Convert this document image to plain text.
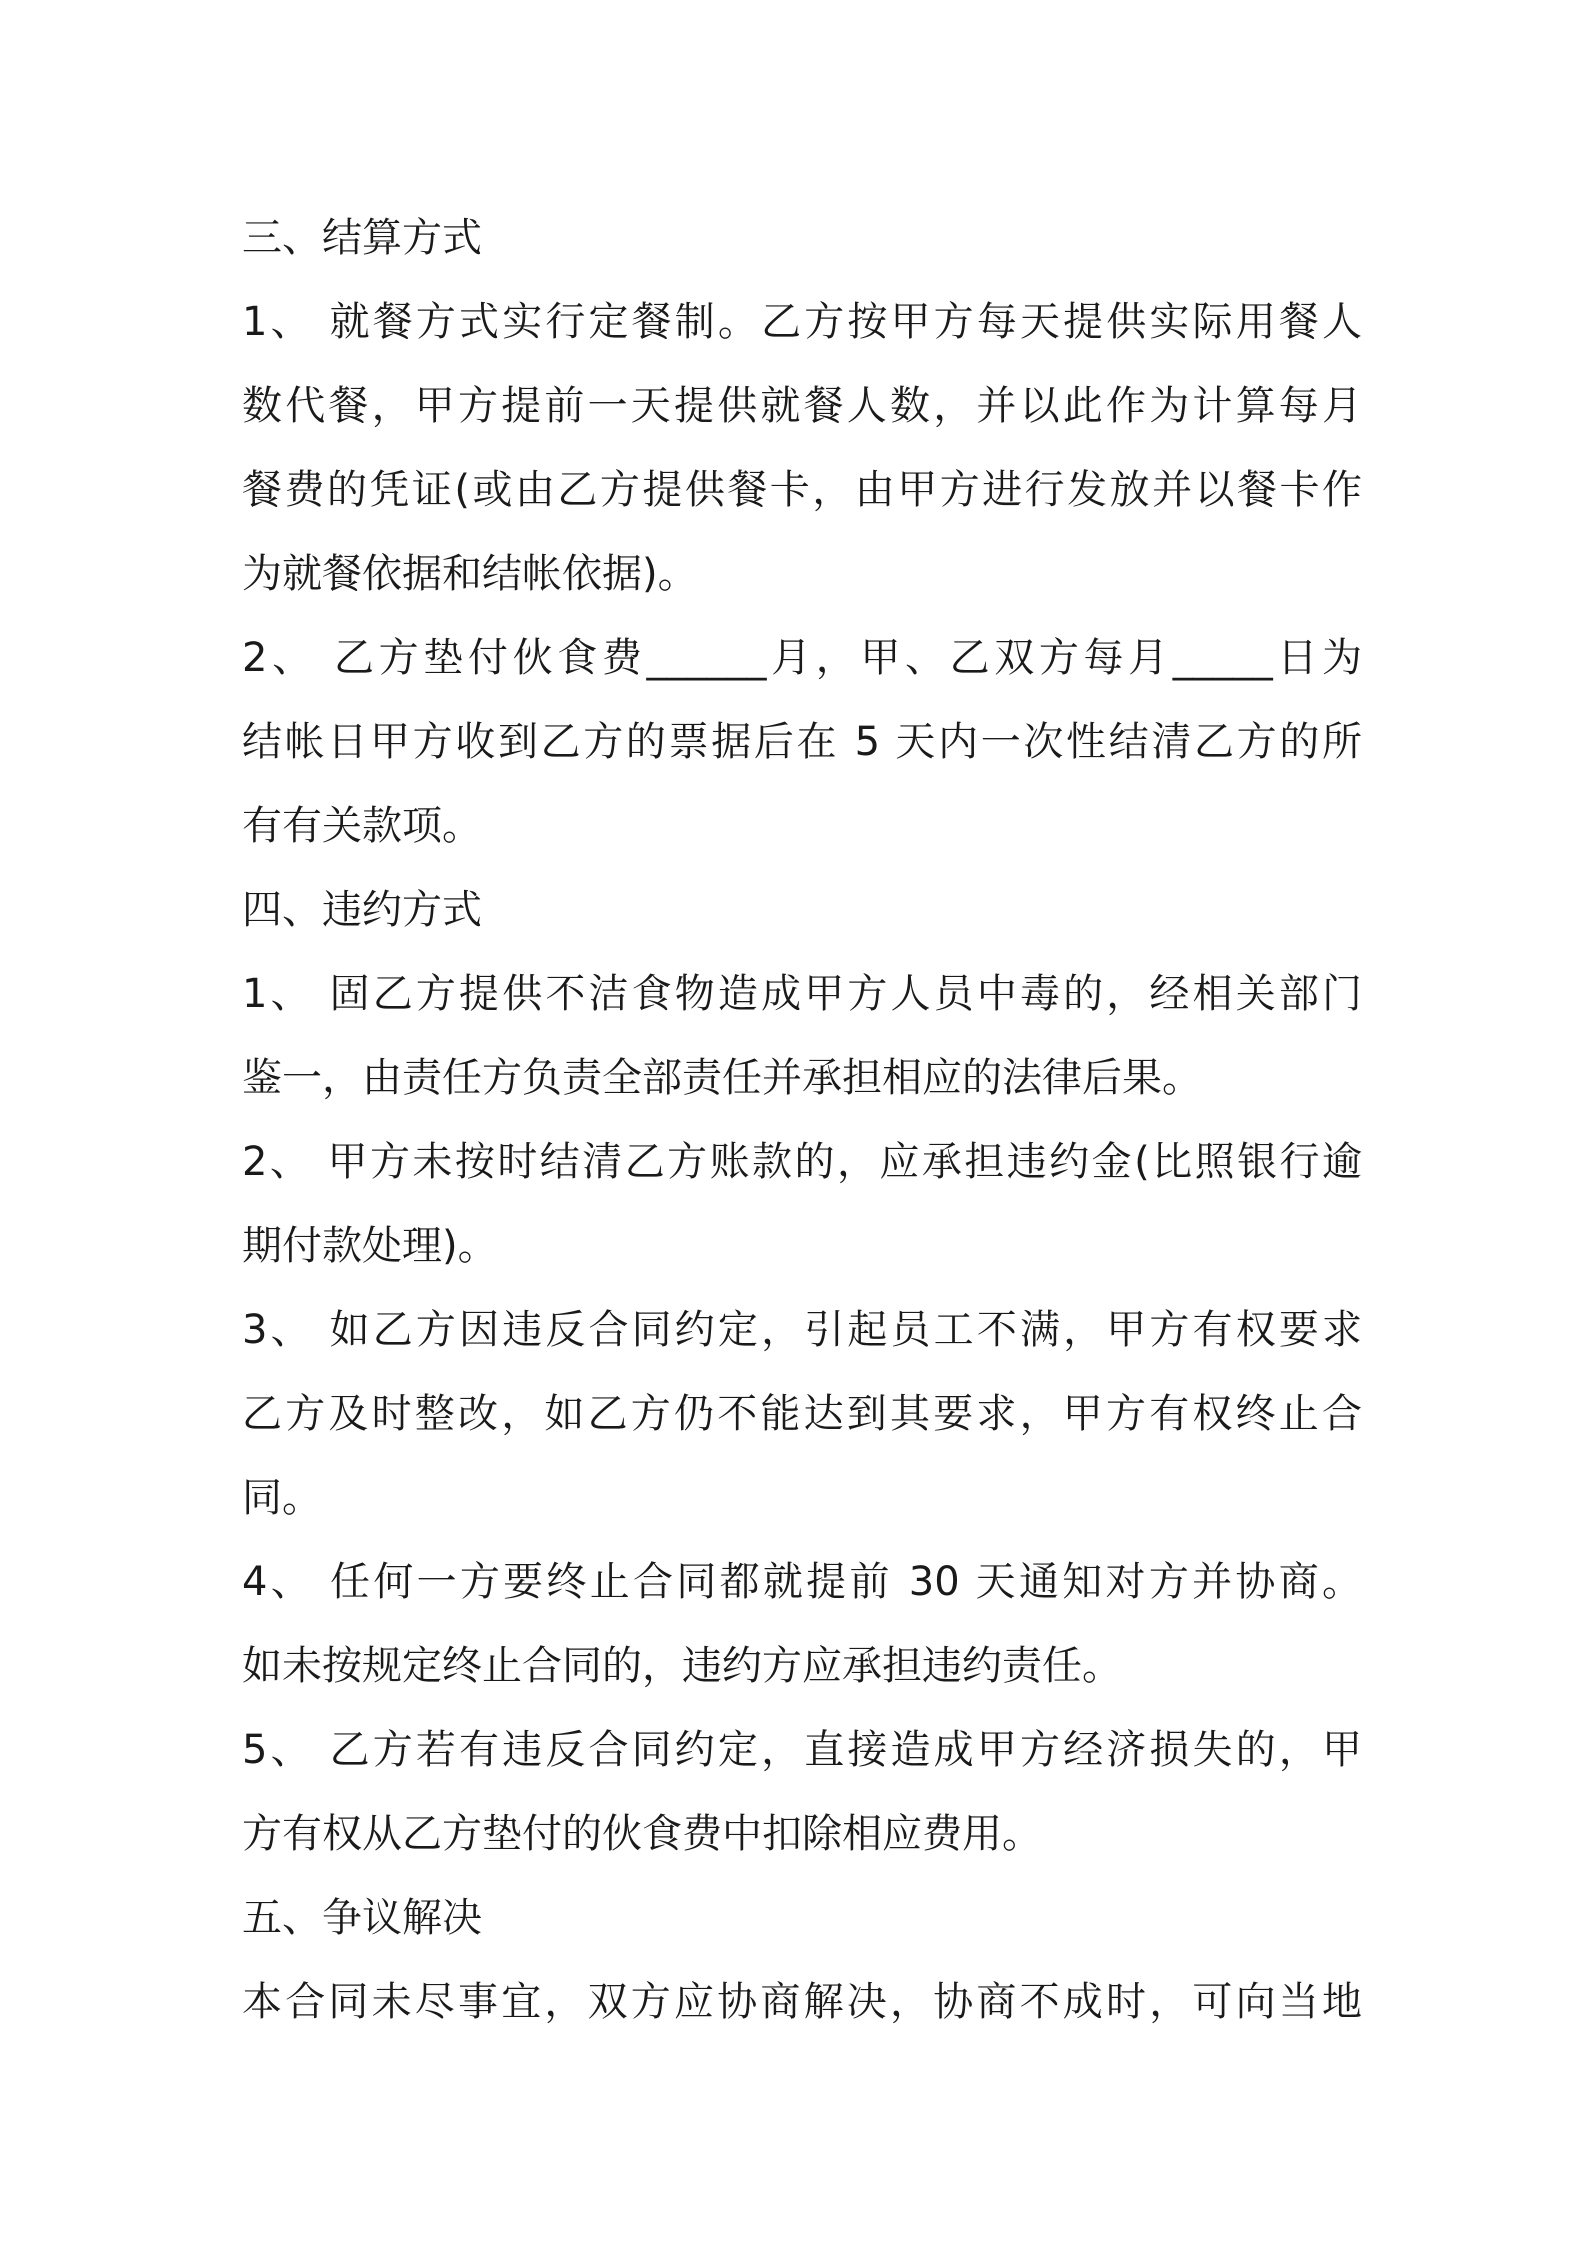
三、结算方式
1、 就餐方式实行定餐制。乙方按甲方每天提供实际用餐人
数代餐，甲方提前一天提供就餐人数，并以此作为计算每月
餐费的凭证(或由乙方提供餐卡，由甲方进行发放并以餐卡作
为就餐依据和结帐依据)。
2、 乙方垫付伙食费______月，甲、乙双方每月_____日为
结帐日甲方收到乙方的票据后在 5 天内一次性结清乙方的所
有有关款项。
四、违约方式
1、 固乙方提供不洁食物造成甲方人员中毒的，经相关部门
鉴一，由责任方负责全部责任并承担相应的法律后果。
2、 甲方未按时结清乙方账款的，应承担违约金(比照银行逾
期付款处理)。
3、 如乙方因违反合同约定，引起员工不满，甲方有权要求
乙方及时整改，如乙方仍不能达到其要求，甲方有权终止合
同。
4、 任何一方要终止合同都就提前 30 天通知对方并协商。
如未按规定终止合同的，违约方应承担违约责任。
5、 乙方若有违反合同约定，直接造成甲方经济损失的，甲
方有权从乙方垫付的伙食费中扣除相应费用。
五、争议解决
本合同未尽事宜，双方应协商解决，协商不成时，可向当地
